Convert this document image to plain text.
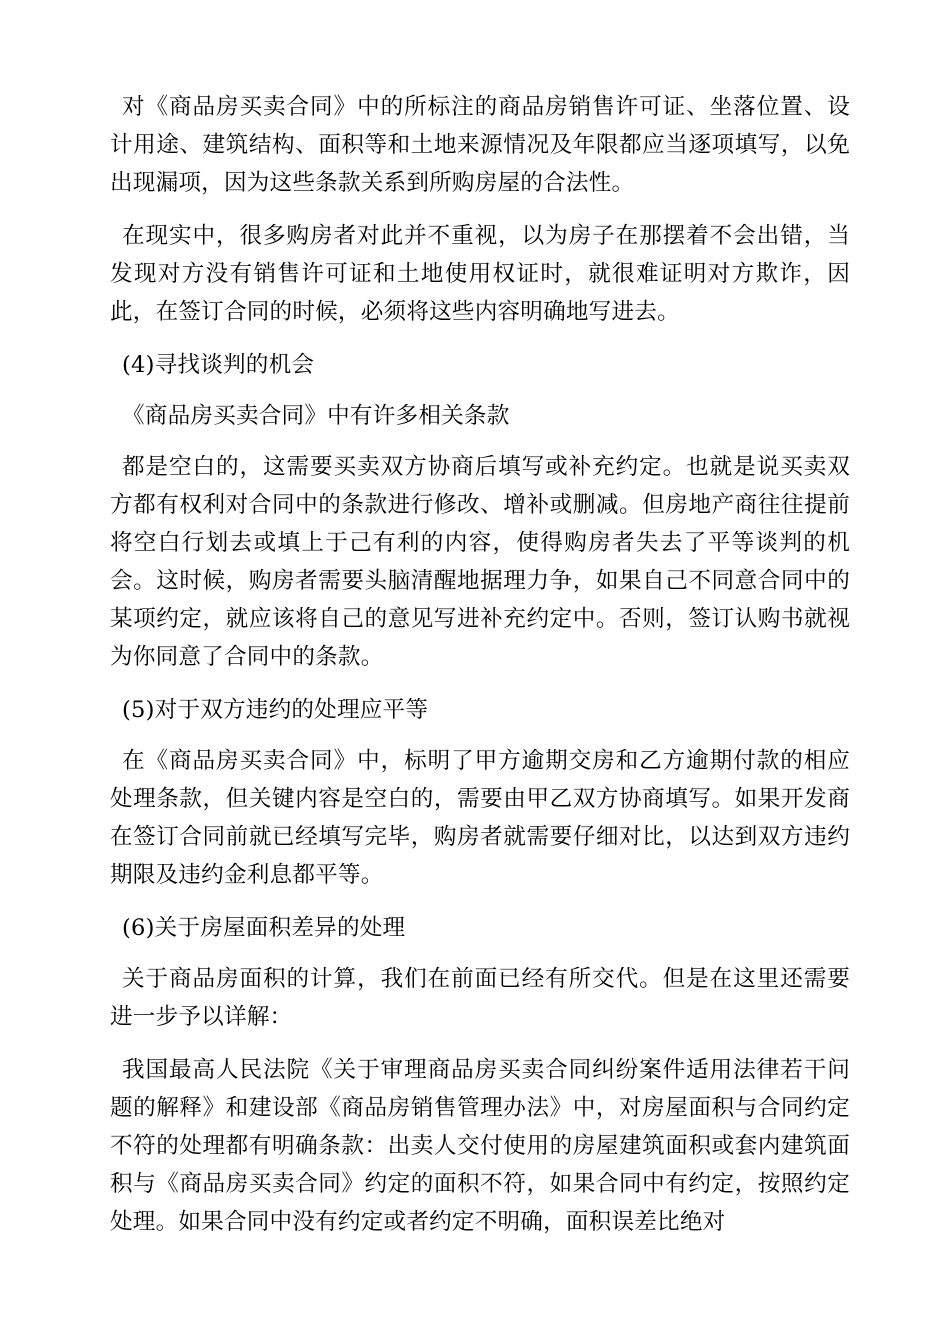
对《商品房买卖合同》中的所标注的商品房销售许可证、坐落位置、设计用途、建筑结构、面积等和土地来源情况及年限都应当逐项填写，以免出现漏项，因为这些条款关系到所购房屋的合法性。

在现实中，很多购房者对此并不重视，以为房子在那摆着不会出错，当发现对方没有销售许可证和土地使用权证时，就很难证明对方欺诈，因此，在签订合同的时候，必须将这些内容明确地写进去。

(4)寻找谈判的机会

《商品房买卖合同》中有许多相关条款

都是空白的，这需要买卖双方协商后填写或补充约定。也就是说买卖双方都有权利对合同中的条款进行修改、增补或删减。但房地产商往往提前将空白行划去或填上于己有利的内容，使得购房者失去了平等谈判的机会。这时候，购房者需要头脑清醒地据理力争，如果自己不同意合同中的某项约定，就应该将自己的意见写进补充约定中。否则，签订认购书就视为你同意了合同中的条款。

(5)对于双方违约的处理应平等

在《商品房买卖合同》中，标明了甲方逾期交房和乙方逾期付款的相应处理条款，但关键内容是空白的，需要由甲乙双方协商填写。如果开发商在签订合同前就已经填写完毕，购房者就需要仔细对比，以达到双方违约期限及违约金利息都平等。

(6)关于房屋面积差异的处理

关于商品房面积的计算，我们在前面已经有所交代。但是在这里还需要进一步予以详解：

我国最高人民法院《关于审理商品房买卖合同纠纷案件适用法律若干问题的解释》和建设部《商品房销售管理办法》中，对房屋面积与合同约定不符的处理都有明确条款：出卖人交付使用的房屋建筑面积或套内建筑面积与《商品房买卖合同》约定的面积不符，如果合同中有约定，按照约定处理。如果合同中没有约定或者约定不明确，面积误差比绝对
